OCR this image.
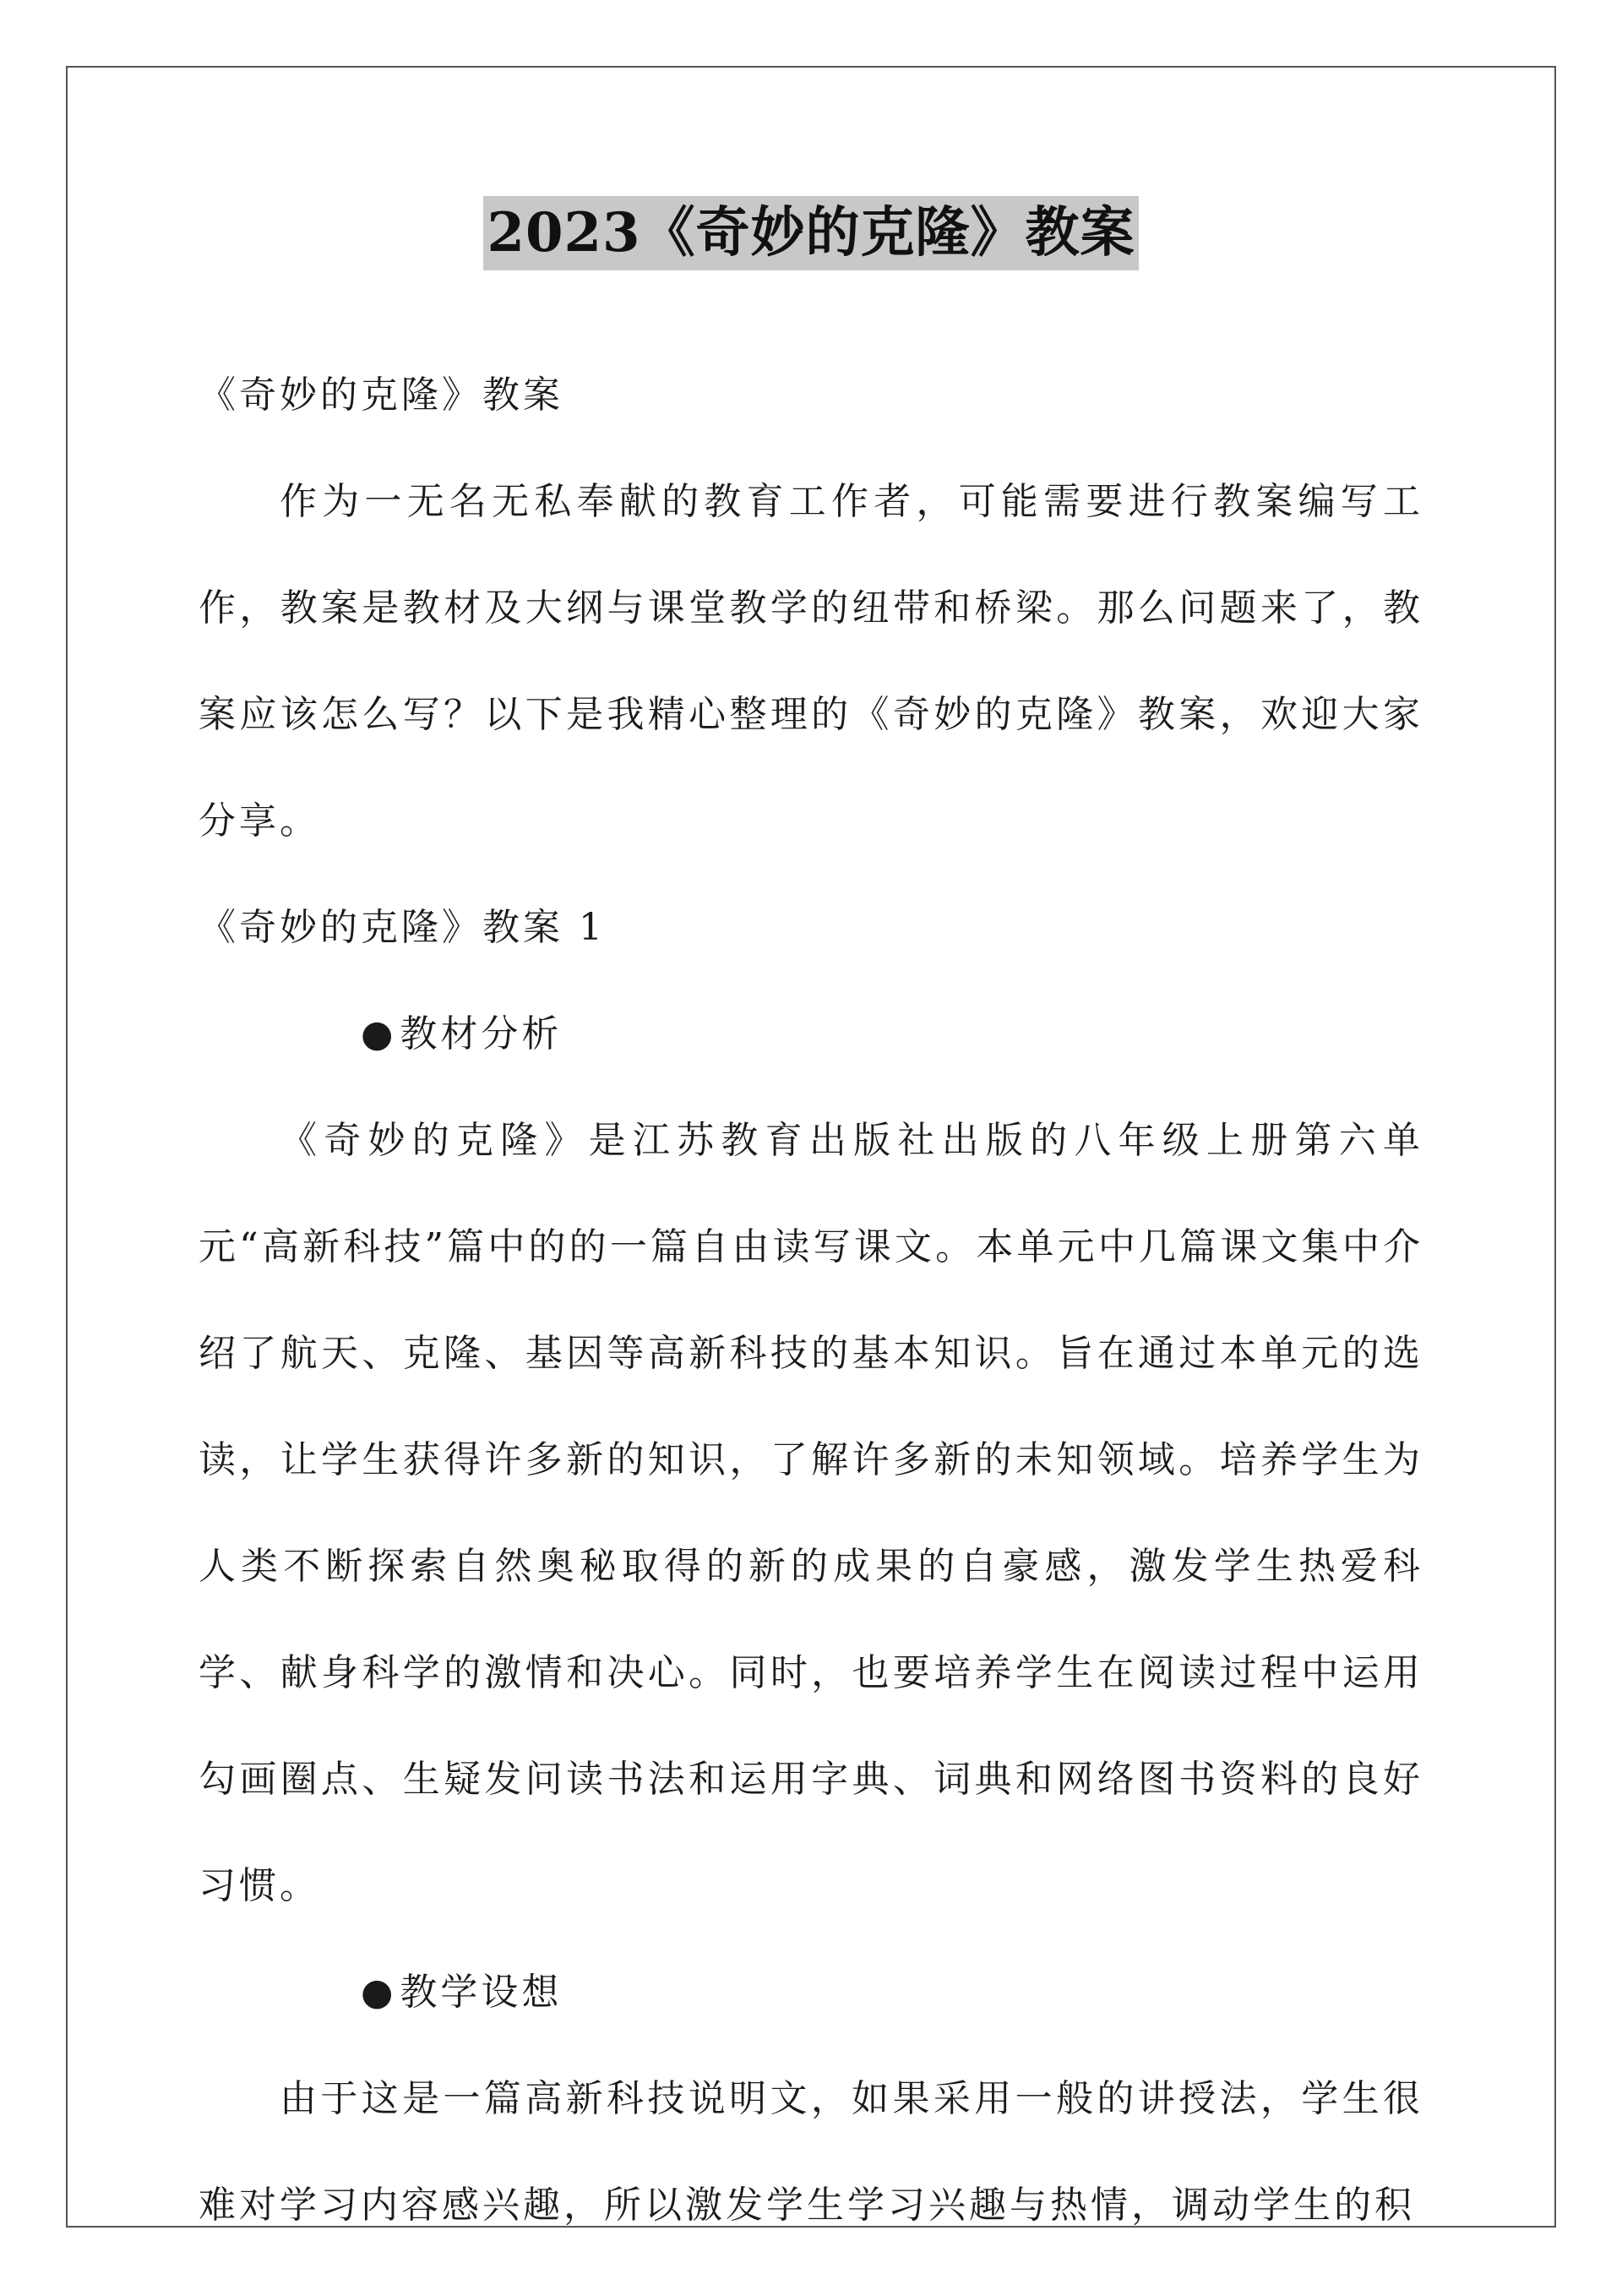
2023《奇妙的克隆》教案

《奇妙的克隆》教案

作为一无名无私奉献的教育工作者，可能需要进行教案编写工作，教案是教材及大纲与课堂教学的纽带和桥梁。那么问题来了，教案应该怎么写？以下是我精心整理的《奇妙的克隆》教案，欢迎大家分享。

《奇妙的克隆》教案 1

●教材分析

《奇妙的克隆》是江苏教育出版社出版的八年级上册第六单元“高新科技”篇中的的一篇自由读写课文。本单元中几篇课文集中介绍了航天、克隆、基因等高新科技的基本知识。旨在通过本单元的选读，让学生获得许多新的知识，了解许多新的未知领域。培养学生为人类不断探索自然奥秘取得的新的成果的自豪感，激发学生热爱科学、献身科学的激情和决心。同时，也要培养学生在阅读过程中运用勾画圈点、生疑发问读书法和运用字典、词典和网络图书资料的良好习惯。

●教学设想

由于这是一篇高新科技说明文，如果采用一般的讲授法，学生很难对学习内容感兴趣，所以激发学生学习兴趣与热情，调动学生的积
